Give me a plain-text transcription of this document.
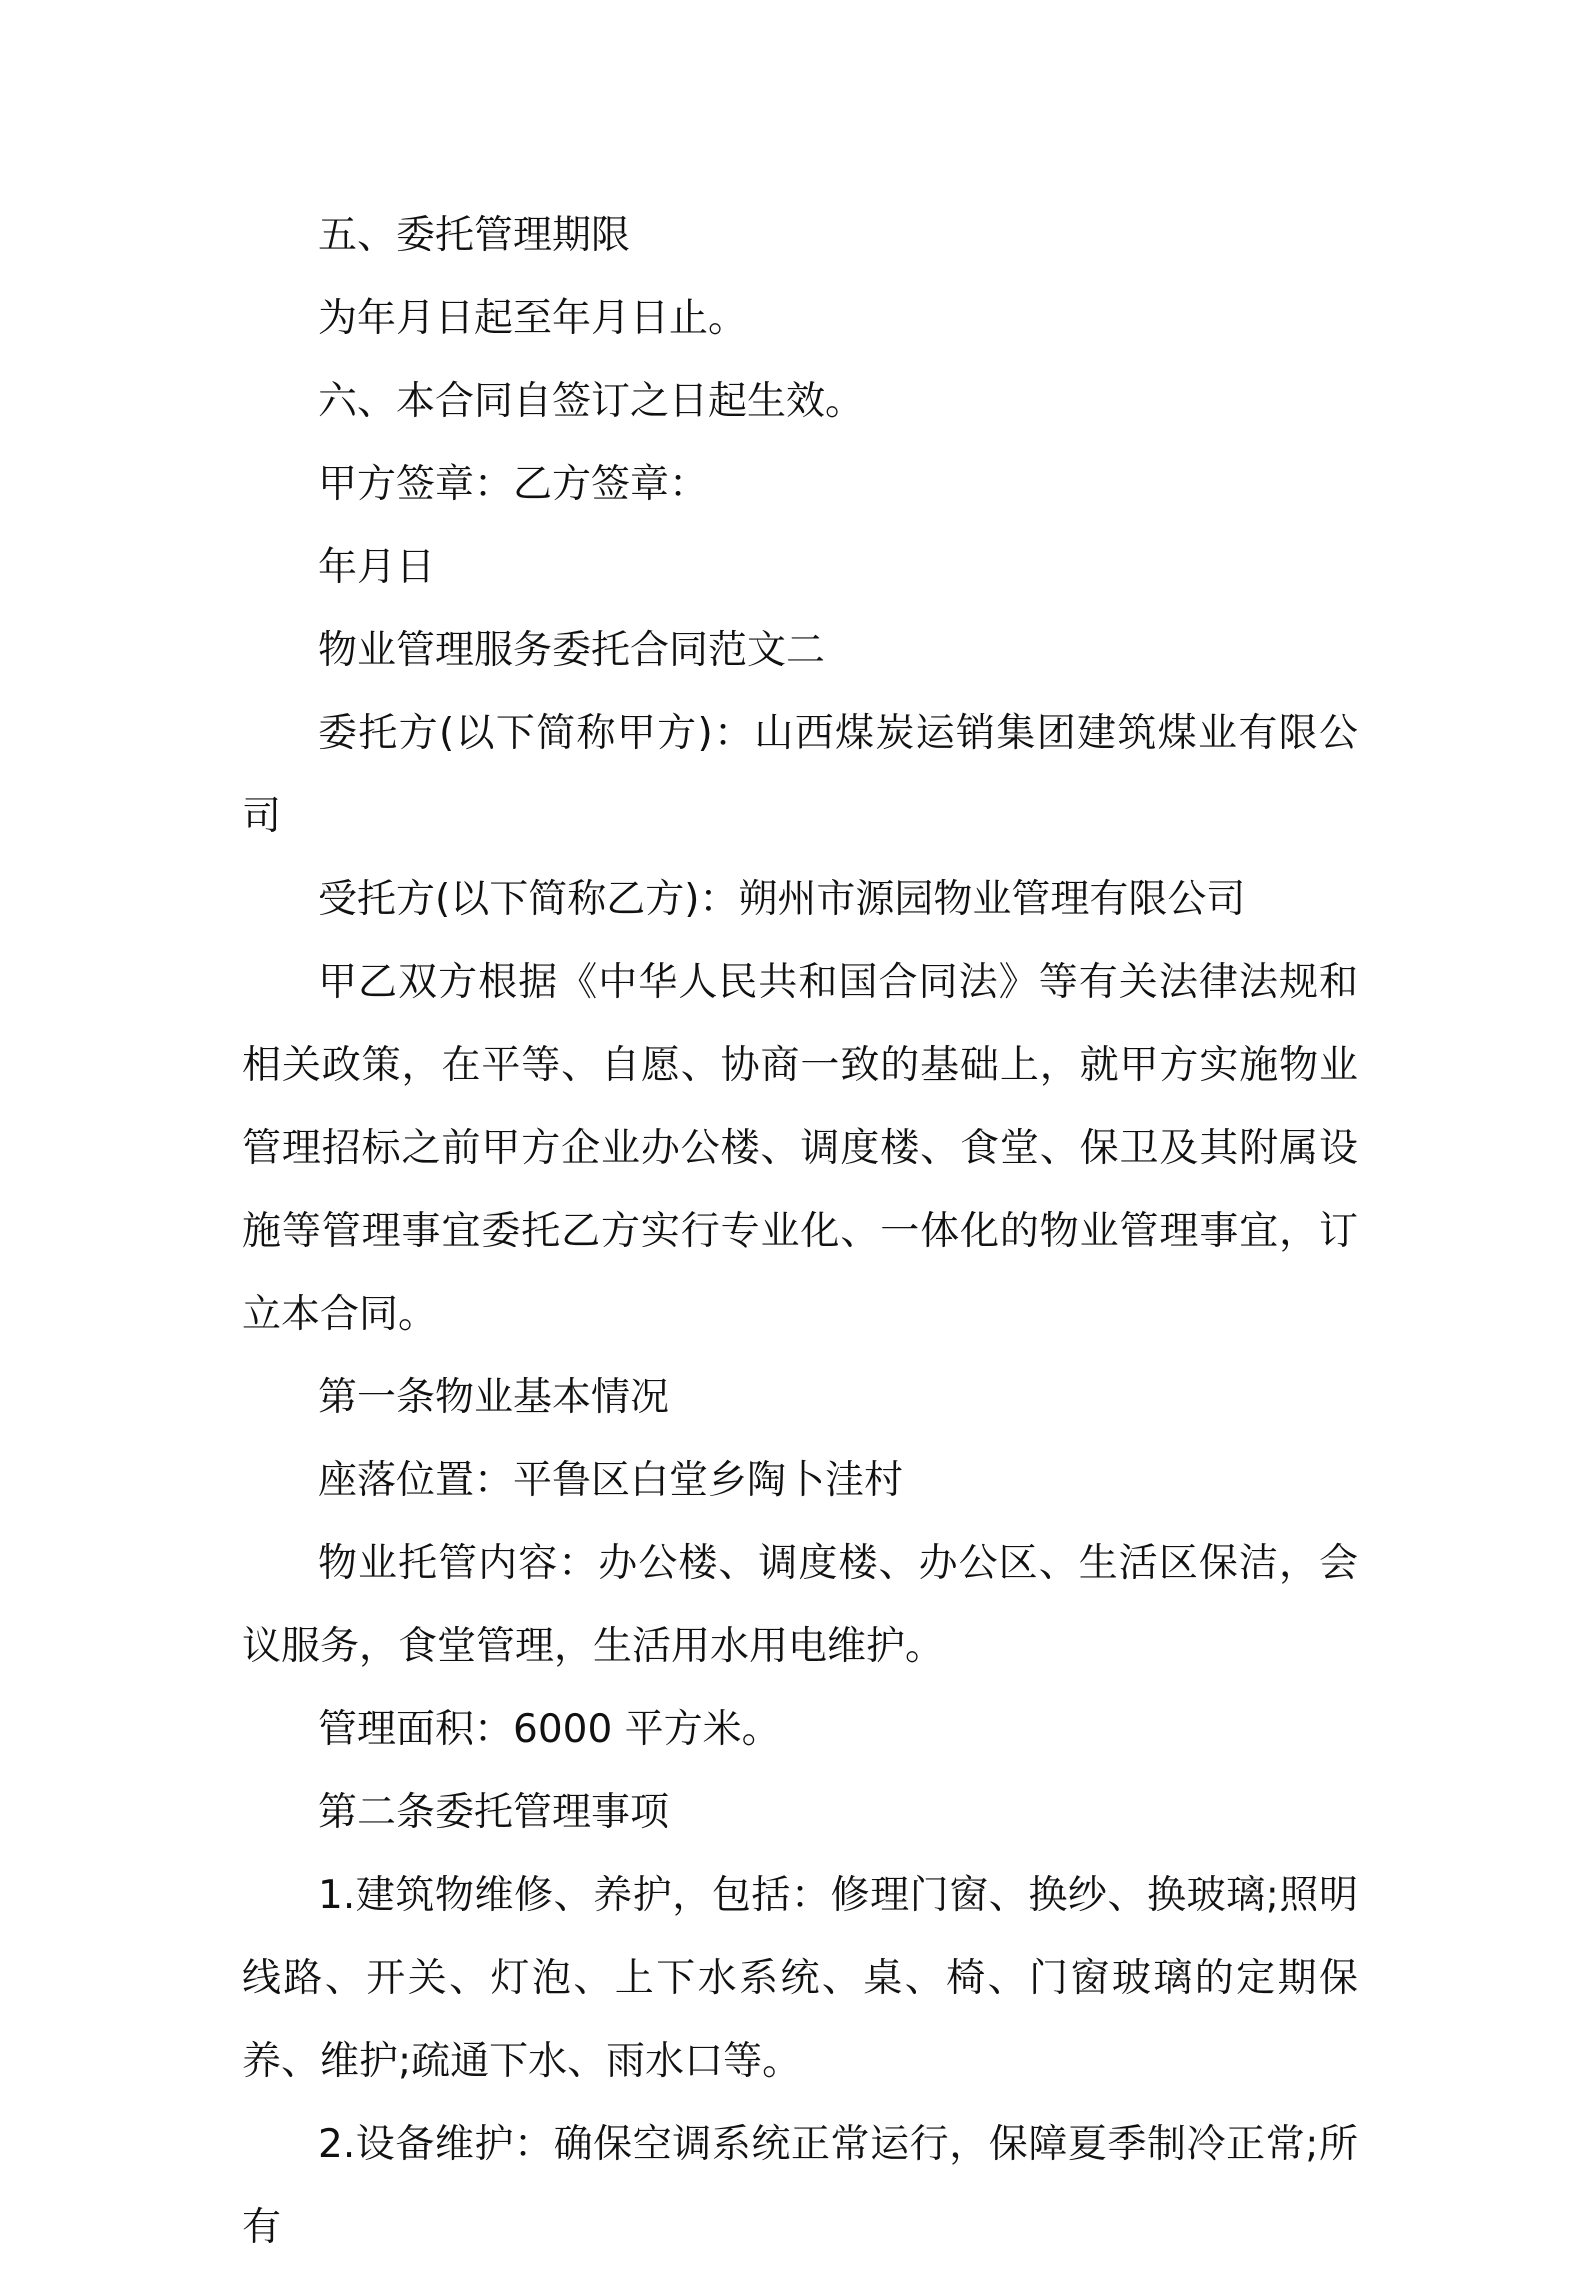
五、委托管理期限

为年月日起至年月日止。

六、本合同自签订之日起生效。

甲方签章：乙方签章：

年月日

物业管理服务委托合同范文二

委托方(以下简称甲方)：山西煤炭运销集团建筑煤业有限公司

受托方(以下简称乙方)：朔州市源园物业管理有限公司

甲乙双方根据《中华人民共和国合同法》等有关法律法规和相关政策，在平等、自愿、协商一致的基础上，就甲方实施物业管理招标之前甲方企业办公楼、调度楼、食堂、保卫及其附属设施等管理事宜委托乙方实行专业化、一体化的物业管理事宜，订立本合同。

第一条物业基本情况

座落位置：平鲁区白堂乡陶卜洼村

物业托管内容：办公楼、调度楼、办公区、生活区保洁，会议服务，食堂管理，生活用水用电维护。

管理面积：6000 平方米。

第二条委托管理事项

1.建筑物维修、养护，包括：修理门窗、换纱、换玻璃;照明线路、开关、灯泡、上下水系统、桌、椅、门窗玻璃的定期保养、维护;疏通下水、雨水口等。

2.设备维护：确保空调系统正常运行，保障夏季制冷正常;所有
